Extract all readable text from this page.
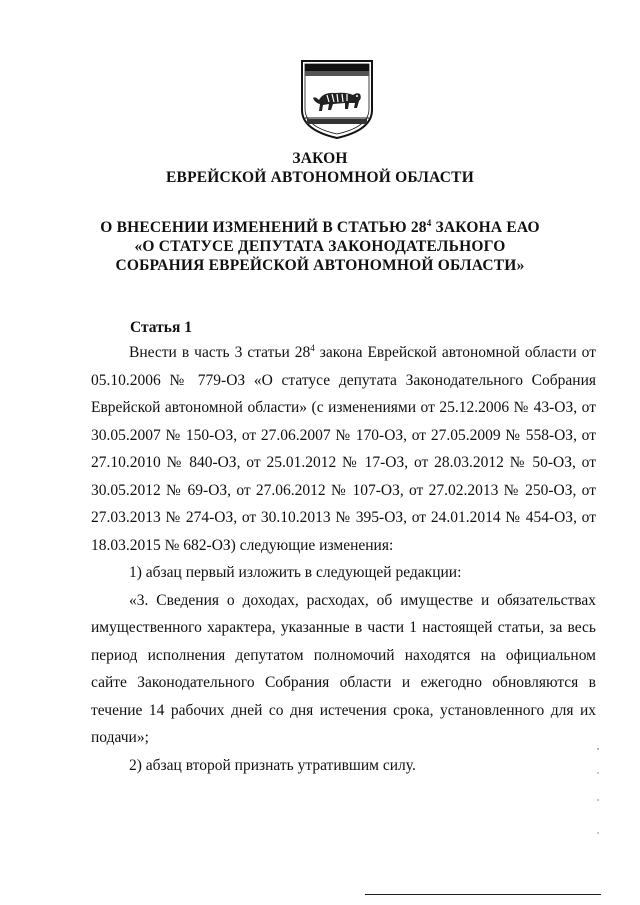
ЗАКОН
ЕВРЕЙСКОЙ АВТОНОМНОЙ ОБЛАСТИ
О ВНЕСЕНИИ ИЗМЕНЕНИЙ В СТАТЬЮ $28^4$ ЗАКОНА ЕАО «О СТАТУСЕ ДЕПУТАТА ЗАКОНОДАТЕЛЬНОГО СОБРАНИЯ ЕВРЕЙСКОЙ АВТОНОМНОЙ ОБЛАСТИ»
Статья 1

Внести в часть 3 статьи $28^4$ закона Еврейской автономной области от 05.10.2006 № 779-ОЗ «О статусе депутата Законодательного Собрания Еврейской автономной области» (с изменениями от 25.12.2006 № 43-ОЗ, от 30.05.2007 № 150-ОЗ, от 27.06.2007 № 170-ОЗ, от 27.05.2009 № 558-ОЗ, от 27.10.2010 № 840-ОЗ, от 25.01.2012 № 17-ОЗ, от 28.03.2012 № 50-ОЗ, от 30.05.2012 № 69-ОЗ, от 27.06.2012 № 107-ОЗ, от 27.02.2013 № 250-ОЗ, от 27.03.2013 № 274-ОЗ, от 30.10.2013 № 395-ОЗ, от 24.01.2014 № 454-ОЗ, от 18.03.2015 № 682-ОЗ) следующие изменения:

1) абзац первый изложить в следующей редакции:

«3. Сведения о доходах, расходах, об имуществе и обязательствах имущественного характера, указанные в части 1 настоящей статьи, за весь период исполнения депутатом полномочий находятся на официальном сайте Законодательного Собрания области и ежегодно обновляются в течение 14 рабочих дней со дня истечения срока, установленного для их подачи»;

2) абзац второй признать утратившим силу.
